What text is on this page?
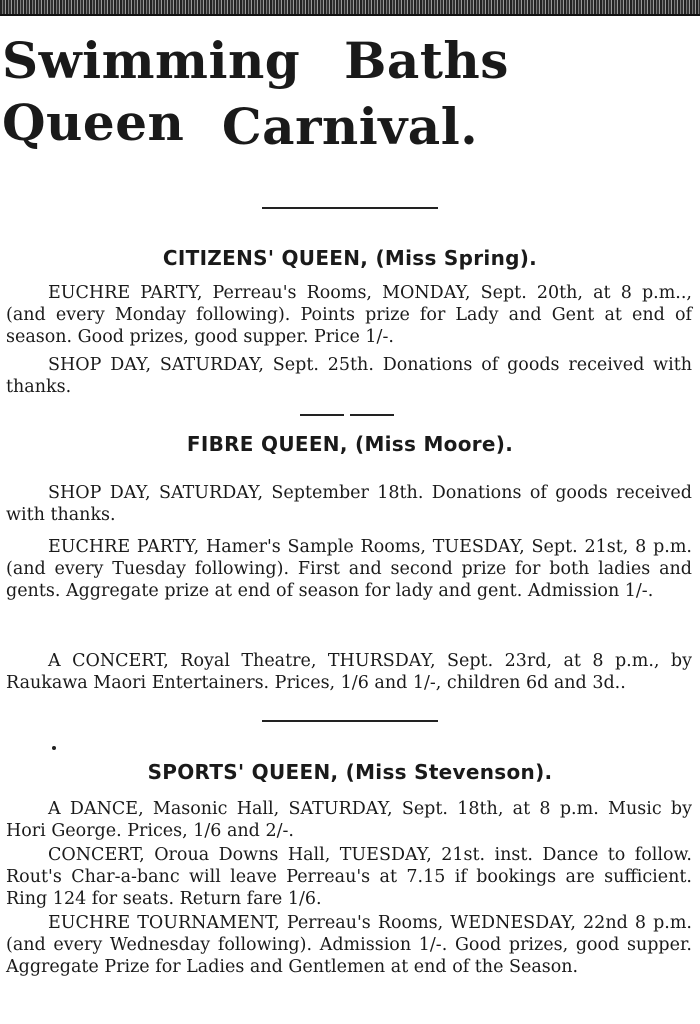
Swimming Baths Queen Carnival.
CITIZENS' QUEEN, (Miss Spring).

EUCHRE PARTY, Perreau's Rooms, MONDAY, Sept. 20th, at 8 p.m.., (and every Monday following). Points prize for Lady and Gent at end of season. Good prizes, good supper. Price 1/-.

SHOP DAY, SATURDAY, Sept. 25th. Donations of goods received with thanks.

FIBRE QUEEN, (Miss Moore).

SHOP DAY, SATURDAY, September 18th. Donations of goods received with thanks.

EUCHRE PARTY, Hamer's Sample Rooms, TUESDAY, Sept. 21st, 8 p.m. (and every Tuesday following). First and second prize for both ladies and gents. Aggregate prize at end of season for lady and gent. Admission 1/-.

A CONCERT, Royal Theatre, THURSDAY, Sept. 23rd, at 8 p.m., by Raukawa Maori Entertainers. Prices, 1/6 and 1/-, children 6d and 3d..

SPORTS' QUEEN, (Miss Stevenson).

A DANCE, Masonic Hall, SATURDAY, Sept. 18th, at 8 p.m. Music by Hori George. Prices, 1/6 and 2/-.

CONCERT, Oroua Downs Hall, TUESDAY, 21st. inst. Dance to follow. Rout's Char-a-banc will leave Perreau's at 7.15 if bookings are sufficient. Ring 124 for seats. Return fare 1/6.

EUCHRE TOURNAMENT, Perreau's Rooms, WEDNESDAY, 22nd 8 p.m. (and every Wednesday following). Admission 1/-. Good prizes, good supper. Aggregate Prize for Ladies and Gentlemen at end of the Season.
